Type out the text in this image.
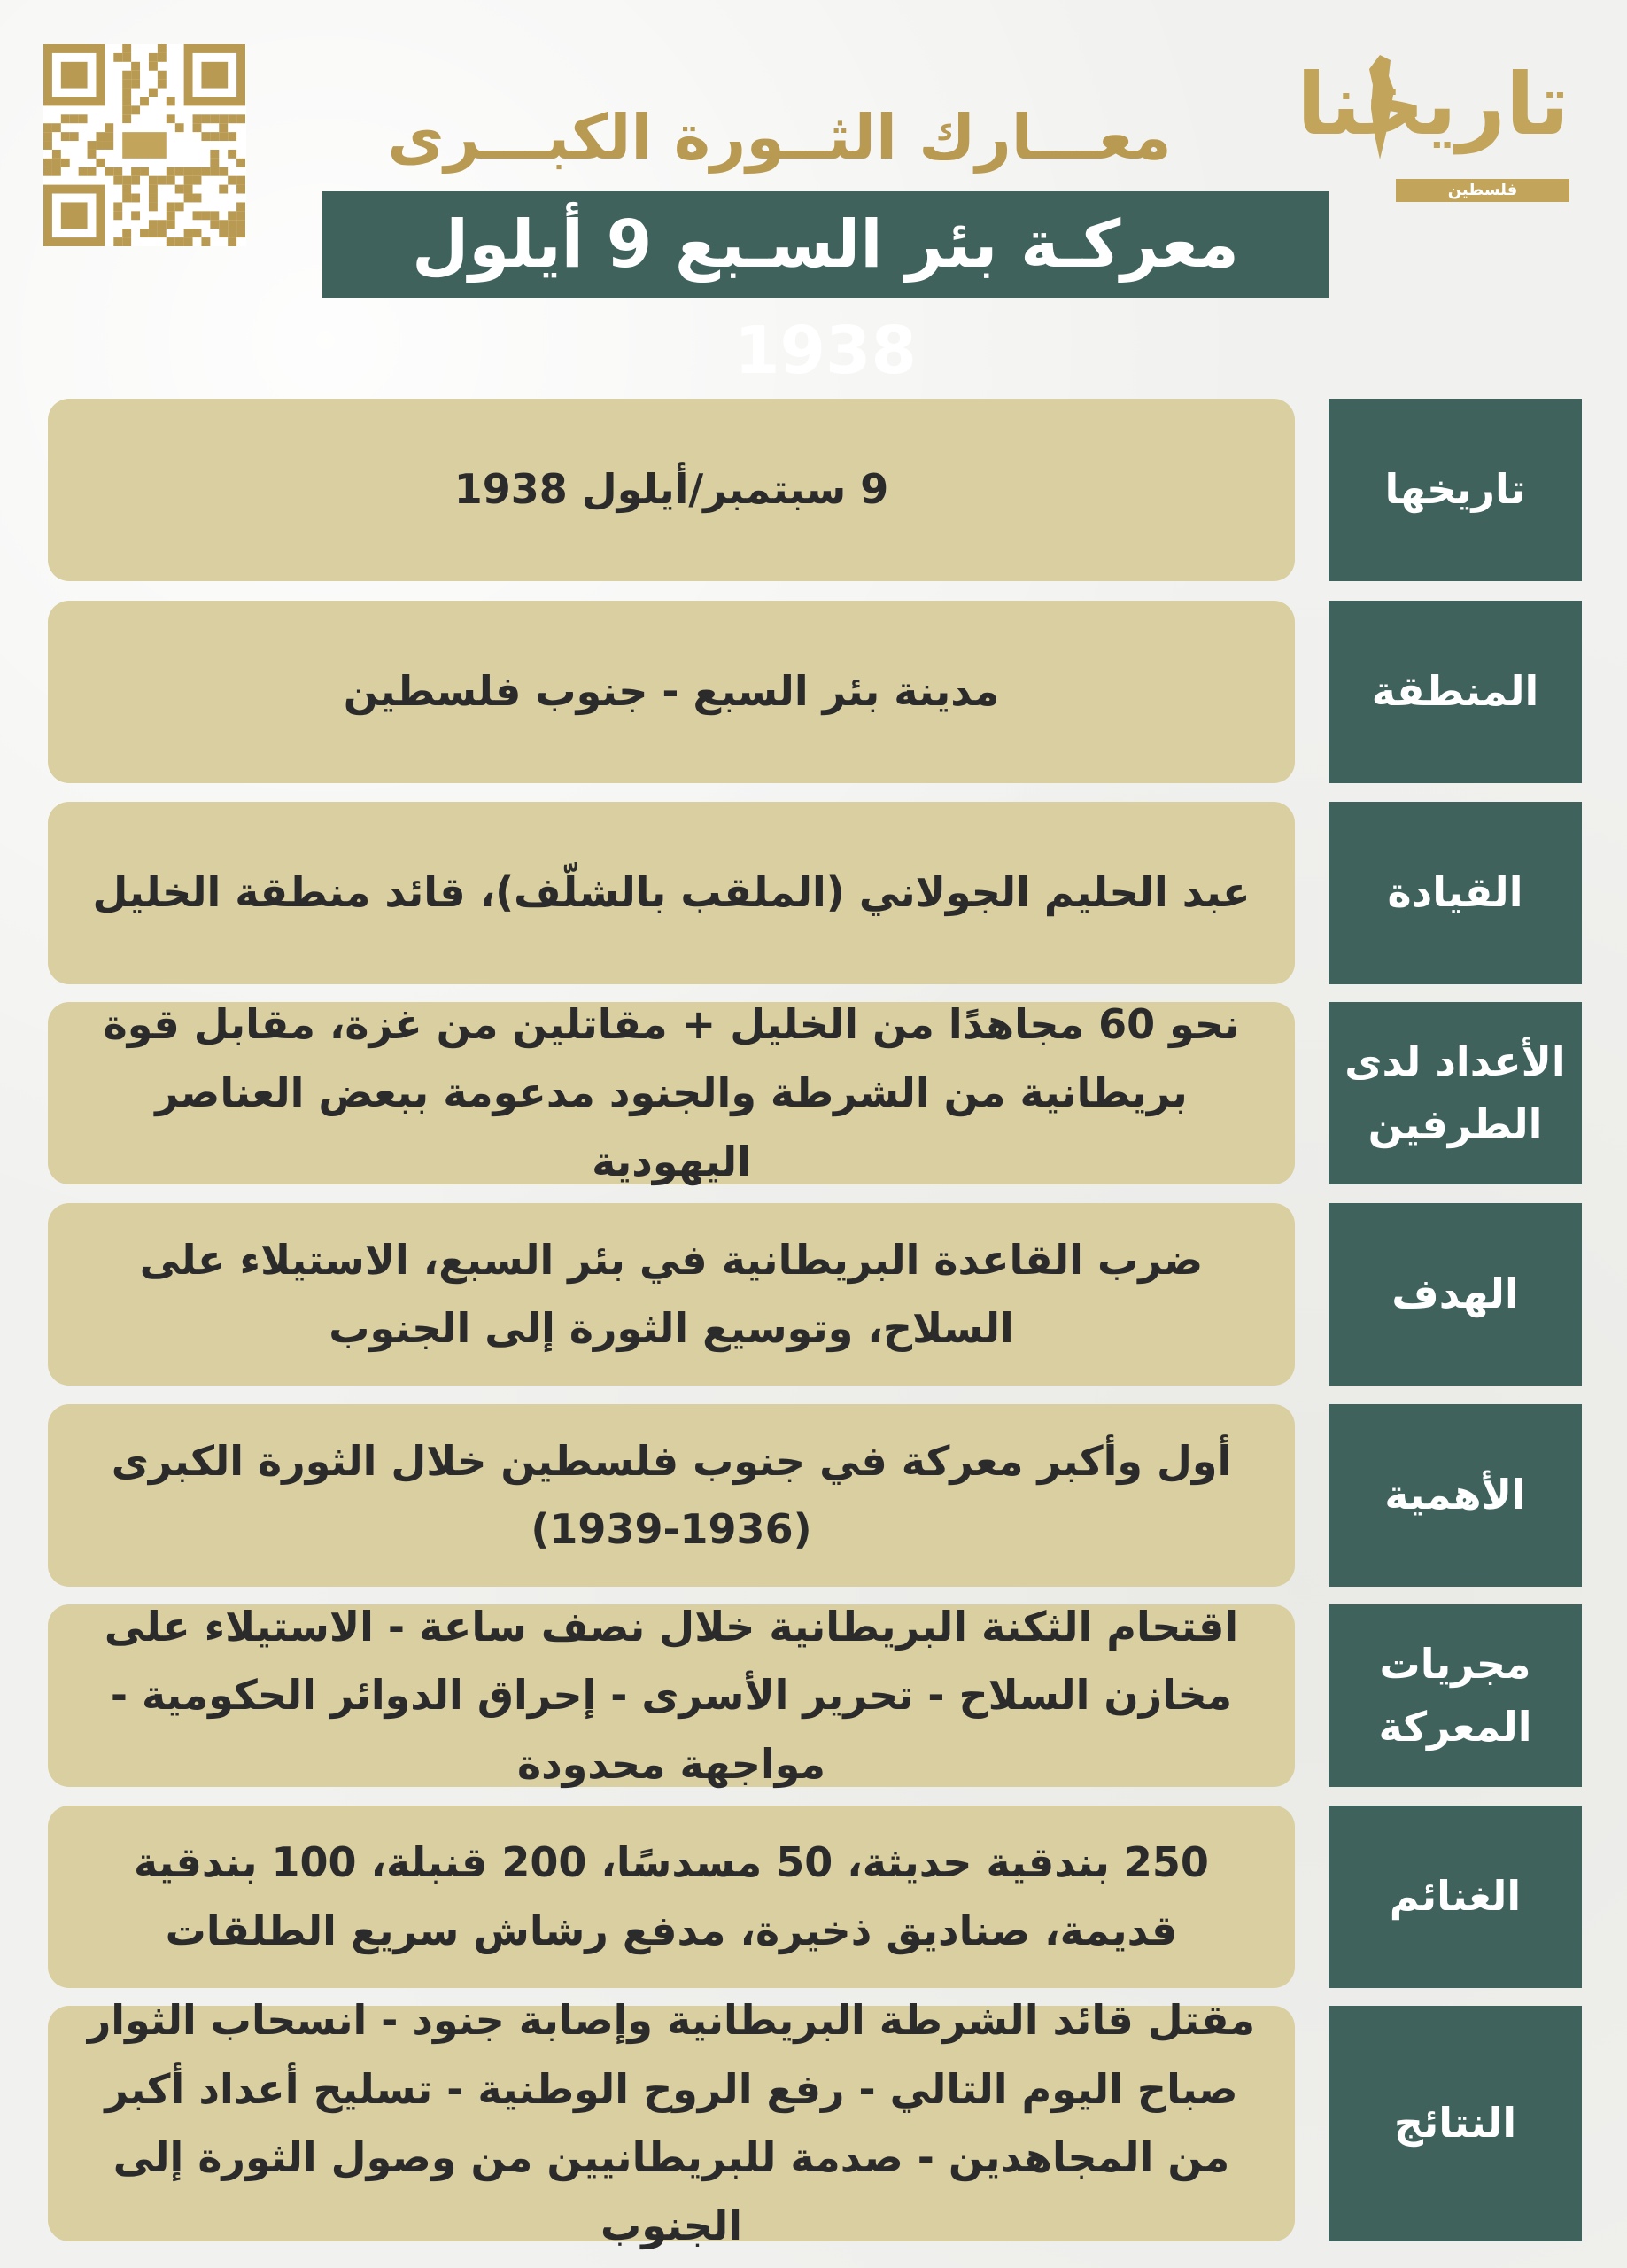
تاريخنا
فلسطين
معـــارك الثــورة الكبـــرى
معركـة بئر السـبع 9 أيلول 1938
تاريخها
9 سبتمبر/أيلول 1938
المنطقة
مدينة بئر السبع - جنوب فلسطين
القيادة
عبد الحليم الجولاني (الملقب بالشلّف)، قائد منطقة الخليل
الأعداد لدى الطرفين
نحو 60 مجاهدًا من الخليل + مقاتلين من غزة، مقابل قوة بريطانية من الشرطة والجنود مدعومة ببعض العناصر اليهودية
الهدف
ضرب القاعدة البريطانية في بئر السبع، الاستيلاء على السلاح، وتوسيع الثورة إلى الجنوب
الأهمية
أول وأكبر معركة في جنوب فلسطين خلال الثورة الكبرى (1936-1939)
مجريات المعركة
اقتحام الثكنة البريطانية خلال نصف ساعة - الاستيلاء على مخازن السلاح - تحرير الأسرى - إحراق الدوائر الحكومية - مواجهة محدودة
الغنائم
250 بندقية حديثة، 50 مسدسًا، 200 قنبلة، 100 بندقية قديمة، صناديق ذخيرة، مدفع رشاش سريع الطلقات
النتائج
مقتل قائد الشرطة البريطانية وإصابة جنود - انسحاب الثوار صباح اليوم التالي - رفع الروح الوطنية - تسليح أعداد أكبر من المجاهدين - صدمة للبريطانيين من وصول الثورة إلى الجنوب
